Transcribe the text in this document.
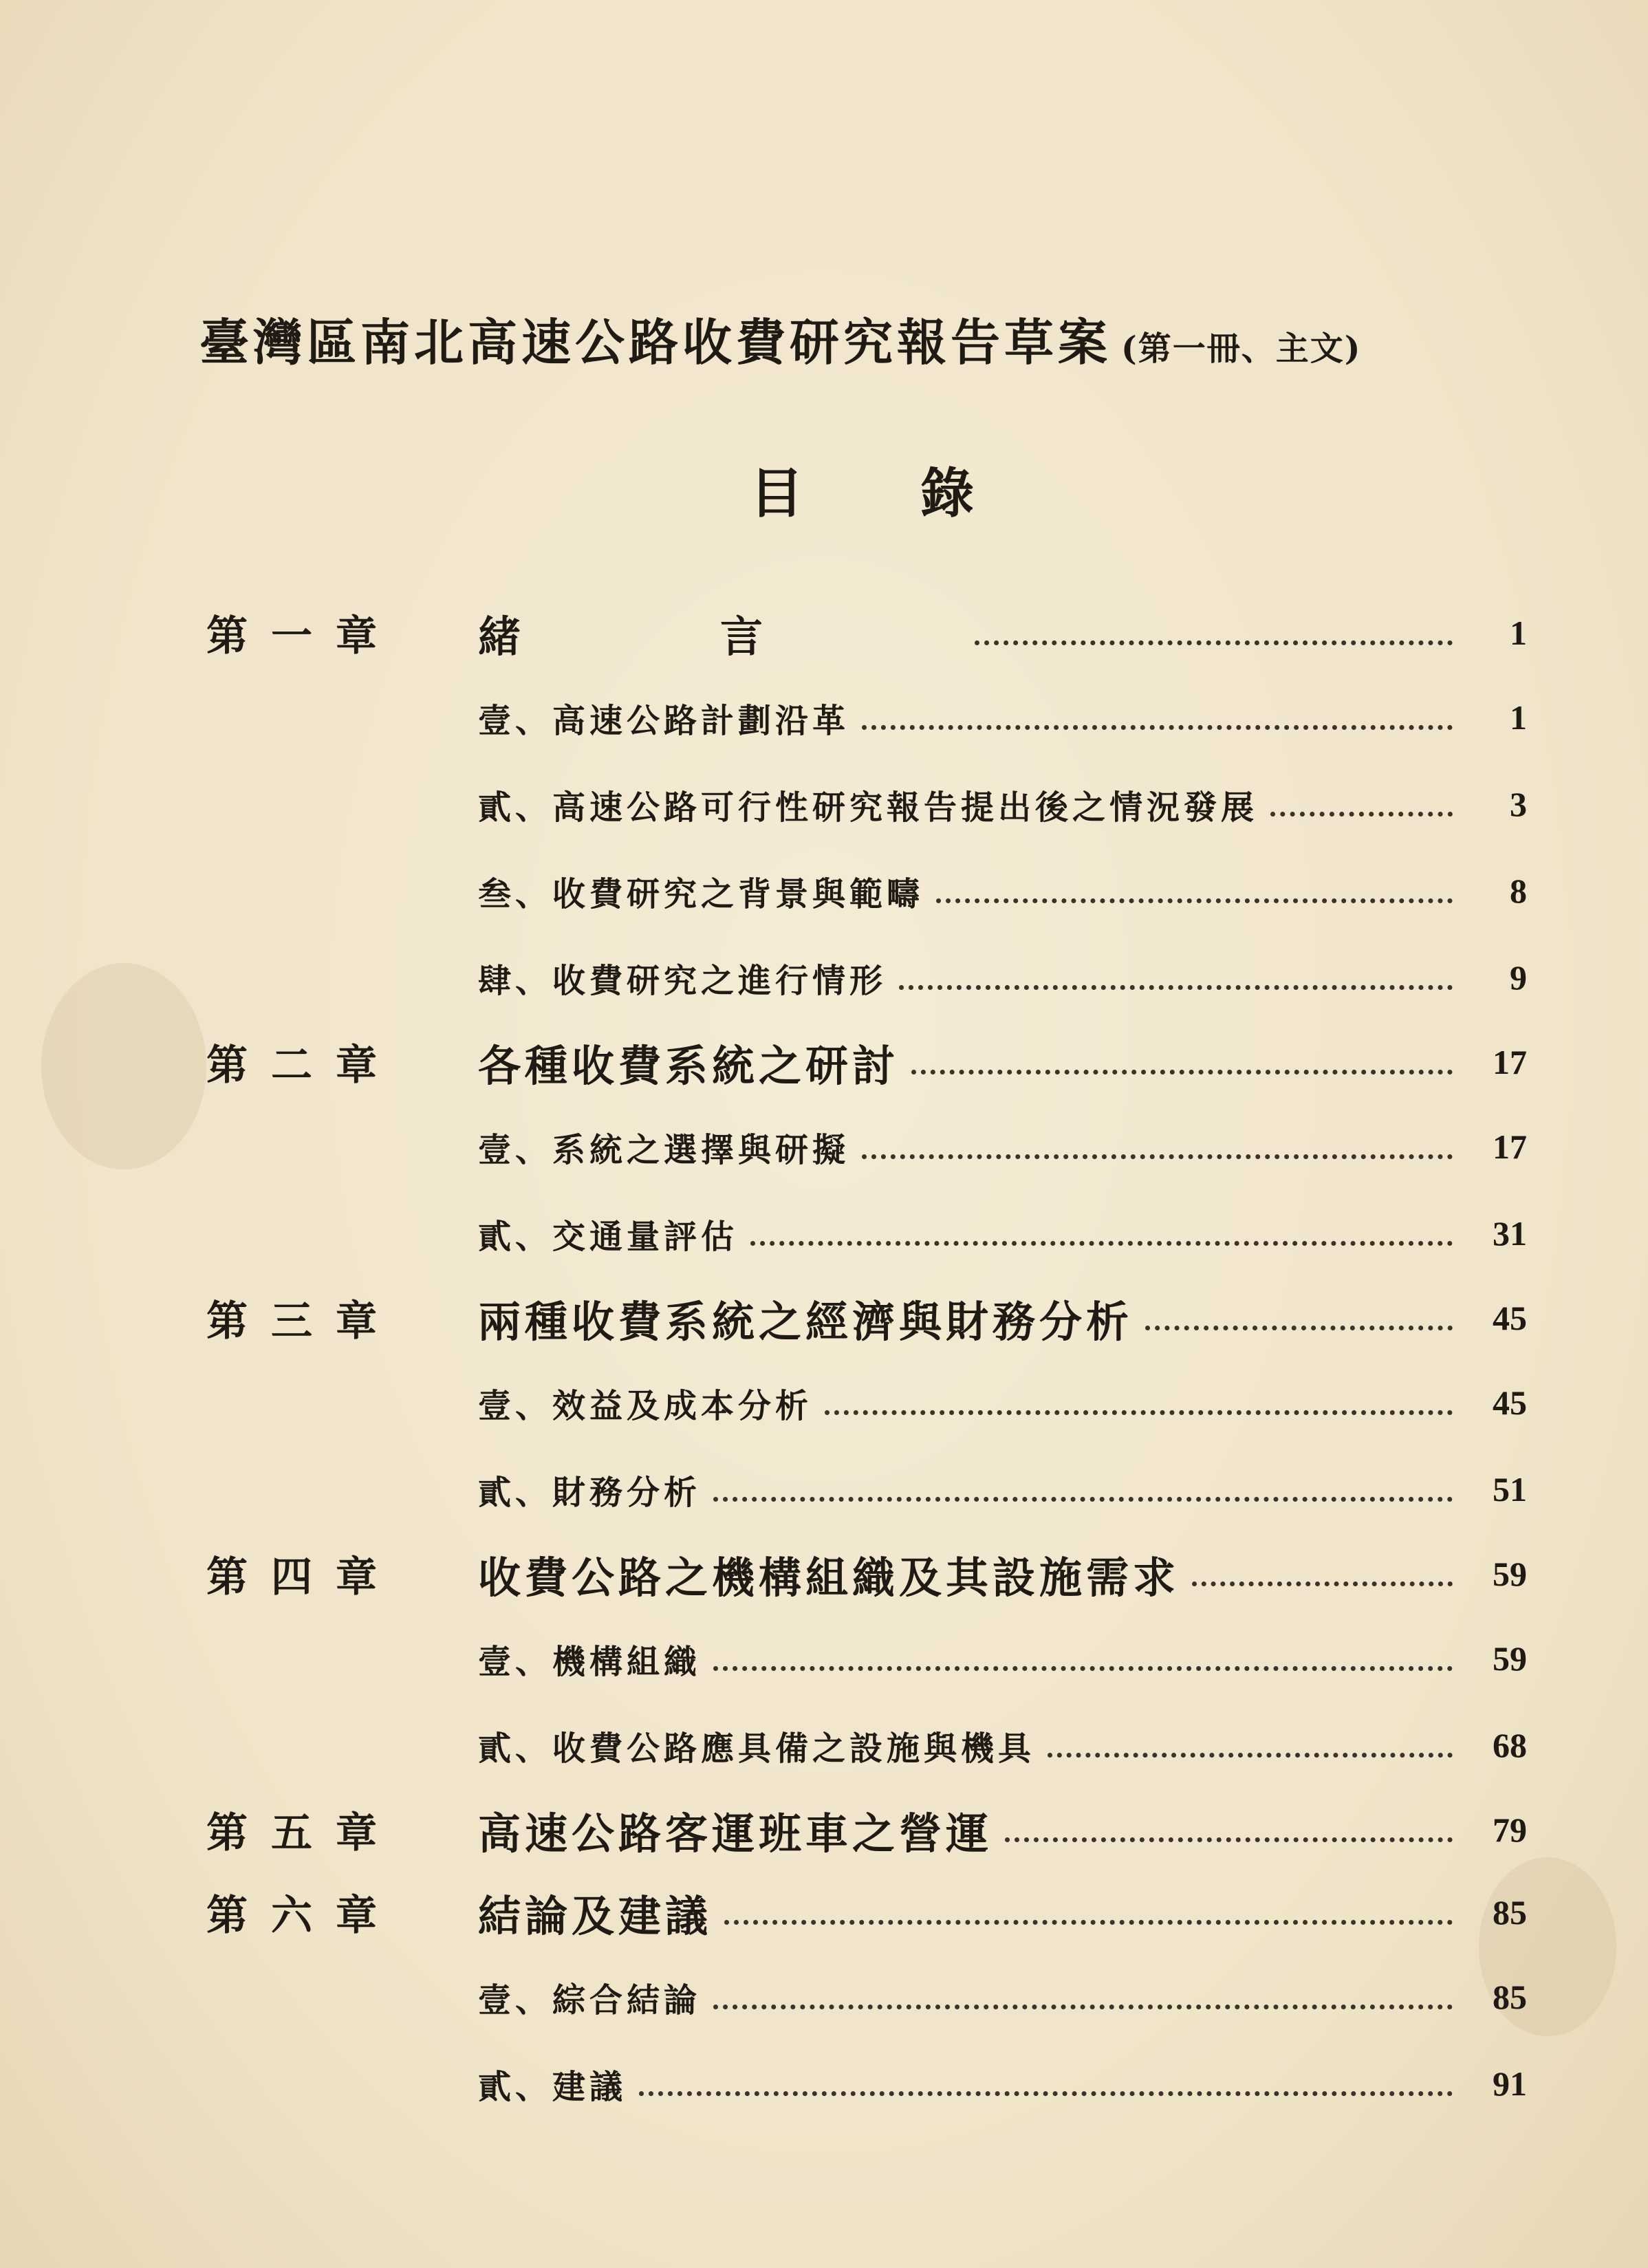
臺灣區南北高速公路收費研究報告草案 (第一冊、主文)
目錄
第一章	緒言	1
壹、高速公路計劃沿革	1
貳、高速公路可行性研究報告提出後之情況發展	3
叁、收費研究之背景與範疇	8
肆、收費研究之進行情形	9
第二章	各種收費系統之研討	17
壹、系統之選擇與研擬	17
貳、交通量評估	31
第三章	兩種收費系統之經濟與財務分析	45
壹、效益及成本分析	45
貳、財務分析	51
第四章	收費公路之機構組織及其設施需求	59
壹、機構組織	59
貳、收費公路應具備之設施與機具	68
第五章	高速公路客運班車之營運	79
第六章	結論及建議	85
壹、綜合結論	85
貳、建議	91
